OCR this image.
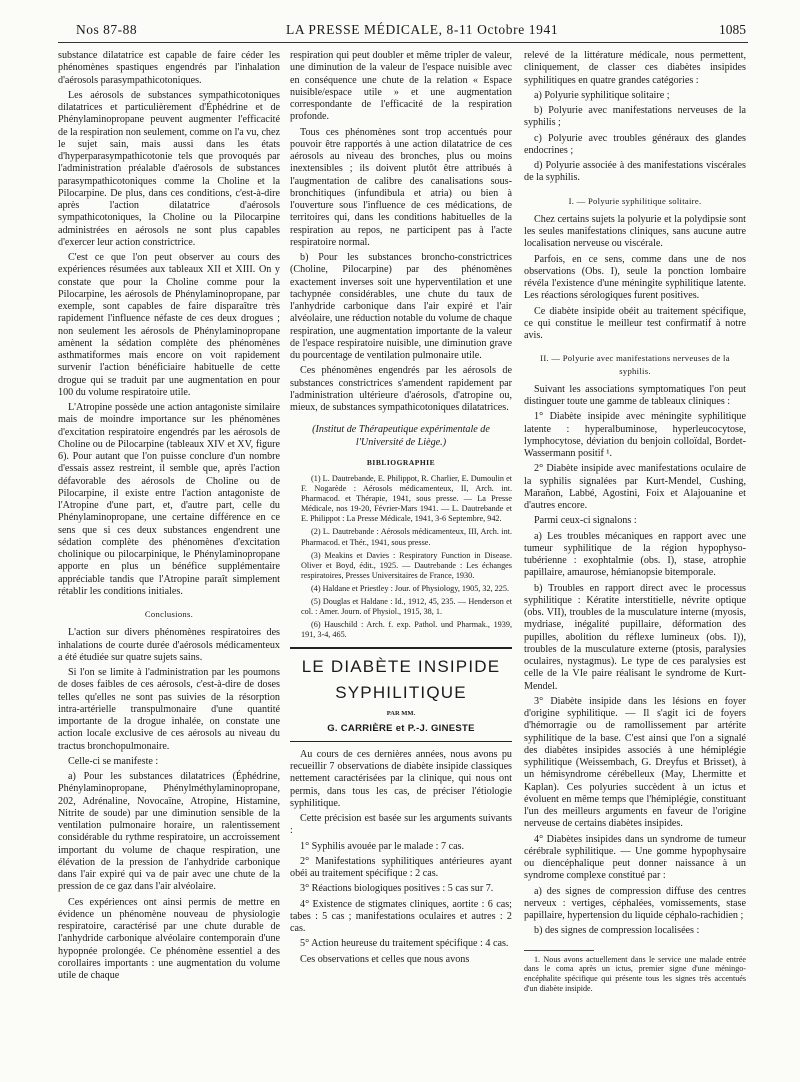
Nos 87-88	LA PRESSE MÉDICALE, 8-11 Octobre 1941	1085

substance dilatatrice est capable de faire céder les phénomènes spastiques engendrés par l'inhalation d'aérosols parasympathicotoniques.

Les aérosols de substances sympathicotoniques dilatatrices et particulièrement d'Éphédrine et de Phénylaminopropane peuvent augmenter l'efficacité de la respiration non seulement, comme on l'a vu, chez le sujet sain, mais aussi dans les états d'hyperparasympathicotonie tels que provoqués par l'administration préalable d'aérosols de substances parasympathicotoniques comme la Choline et la Pilocarpine. De plus, dans ces conditions, c'est-à-dire après l'action dilatatrice d'aérosols sympathicotoniques, la Choline ou la Pilocarpine administrées en aérosols ne sont plus capables d'exercer leur action constrictrice.

C'est ce que l'on peut observer au cours des expériences résumées aux tableaux XII et XIII. On y constate que pour la Choline comme pour la Pilocarpine, les aérosols de Phénylaminopropane, par exemple, sont capables de faire disparaître très rapidement l'influence néfaste de ces deux drogues ; non seulement les aérosols de Phénylaminopropane amènent la sédation complète des phénomènes asthmatiformes mais encore on voit rapidement survenir l'action bénéficiaire habituelle de cette drogue qui se traduit par une augmentation en pour 100 du volume respiratoire utile.

L'Atropine possède une action antagoniste similaire mais de moindre importance sur les phénomènes d'excitation respiratoire engendrés par les aérosols de Choline ou de Pilocarpine (tableaux XIV et XV, figure 6). Pour autant que l'on puisse conclure d'un nombre d'essais assez restreint, il semble que, après l'action défavorable des aérosols de Choline ou de Pilocarpine, il existe entre l'action antagoniste de l'Atropine d'une part, et, d'autre part, celle du Phénylaminopropane, une certaine différence en ce sens que si ces deux substances engendrent une sédation complète des phénomènes d'excitation cholinique ou pilocarpinique, le Phénylaminopropane apporte en plus un bénéfice supplémentaire appréciable tandis que l'Atropine paraît simplement rétablir les conditions initiales.

Conclusions.

L'action sur divers phénomènes respiratoires des inhalations de courte durée d'aérosols médicamenteux a été étudiée sur quatre sujets sains.

Si l'on se limite à l'administration par les poumons de doses faibles de ces aérosols, c'est-à-dire de doses telles qu'elles ne sont pas suivies de la résorption intra-artérielle transpulmonaire d'une quantité importante de la drogue inhalée, on constate une action locale exclusive de ces aérosols au niveau du tractus bronchopulmonaire.

Celle-ci se manifeste :

a) Pour les substances dilatatrices (Éphédrine, Phénylaminopropane, Phénylméthylaminopropane, 202, Adrénaline, Novocaïne, Atropine, Histamine, Nitrite de soude) par une diminution sensible de la ventilation pulmonaire horaire, un ralentissement considérable du rythme respiratoire, un accroissement important du volume de chaque respiration, une élévation de la pression de l'anhydride carbonique dans l'air expiré qui va de pair avec une chute de la pression de ce gaz dans l'air alvéolaire.

Ces expériences ont ainsi permis de mettre en évidence un phénomène nouveau de physiologie respiratoire, caractérisé par une chute durable de l'anhydride carbonique alvéolaire contemporain d'une hypopnée prolongée. Ce phénomène essentiel a des corollaires importants : une augmentation du volume utile de chaque

respiration qui peut doubler et même tripler de valeur, une diminution de la valeur de l'espace nuisible avec en conséquence une chute de la relation « Espace nuisible/espace utile » et une augmentation correspondante de l'efficacité de la respiration profonde.

Tous ces phénomènes sont trop accentués pour pouvoir être rapportés à une action dilatatrice de ces aérosols au niveau des bronches, plus ou moins inextensibles ; ils doivent plutôt être attribués à l'augmentation de calibre des canalisations sous-bronchitiques (infundibula et atria) ou bien à l'ouverture sous l'influence de ces médications, de territoires qui, dans les conditions habituelles de la respiration au repos, ne participent pas à l'acte respiratoire normal.

b) Pour les substances broncho-constrictrices (Choline, Pilocarpine) par des phénomènes exactement inverses soit une hyperventilation et une tachypnée considérables, une chute du taux de l'anhydride carbonique dans l'air expiré et l'air alvéolaire, une réduction notable du volume de chaque respiration, une augmentation importante de la valeur de l'espace respiratoire nuisible, une diminution grave du pourcentage de ventilation pulmonaire utile.

Ces phénomènes engendrés par les aérosols de substances constrictrices s'amendent rapidement par l'administration ultérieure d'aérosols, d'atropine ou, mieux, de substances sympathicotoniques dilatatrices.

(Institut de Thérapeutique expérimentale de l'Université de Liège.)
BIBLIOGRAPHIE

(1) L. Dautrebande, E. Philippot, R. Charlier, E. Dumoulin et F. Nogarède : Aérosols médicamenteux, II, Arch. int. Pharmacod. et Thérapie, 1941, sous presse. — La Presse Médicale, nos 19-20, Février-Mars 1941. — L. Dautrebande et E. Philippot : La Presse Médicale, 1941, 3-6 Septembre, 942.

(2) L. Dautrebande : Aérosols médicamenteux, III, Arch. int. Pharmacod. et Thér., 1941, sous presse.

(3) Meakins et Davies : Respiratory Function in Disease. Oliver et Boyd, édit., 1925. — Dautrebande : Les échanges respiratoires, Presses Universitaires de France, 1930.

(4) Haldane et Priestley : Jour. of Physiology, 1905, 32, 225.

(5) Douglas et Haldane : Id., 1912, 45, 235. — Henderson et col. : Amer. Journ. of Physiol., 1915, 38, 1.

(6) Hauschild : Arch. f. exp. Pathol. und Pharmak., 1939, 191, 3-4, 465.

LE DIABÈTE INSIPIDE
SYPHILITIQUE
PAR MM.
G. CARRIÈRE et P.-J. GINESTE

Au cours de ces dernières années, nous avons pu recueillir 7 observations de diabète insipide classiques nettement caractérisées par la clinique, qui nous ont permis, dans tous les cas, de préciser l'étiologie syphilitique.

Cette précision est basée sur les arguments suivants :

1° Syphilis avouée par le malade : 7 cas.

2° Manifestations syphilitiques antérieures ayant obéi au traitement spécifique : 2 cas.

3° Réactions biologiques positives : 5 cas sur 7.

4° Existence de stigmates cliniques, aortite : 6 cas; tabes : 5 cas ; manifestations oculaires et autres : 2 cas.

5° Action heureuse du traitement spécifique : 4 cas.

Ces observations et celles que nous avons

relevé de la littérature médicale, nous permettent, cliniquement, de classer ces diabètes insipides syphilitiques en quatre grandes catégories :

a) Polyurie syphilitique solitaire ;

b) Polyurie avec manifestations nerveuses de la syphilis ;

c) Polyurie avec troubles généraux des glandes endocrines ;

d) Polyurie associée à des manifestations viscérales de la syphilis.

I. — Polyurie syphilitique solitaire.

Chez certains sujets la polyurie et la polydipsie sont les seules manifestations cliniques, sans aucune autre localisation nerveuse ou viscérale.

Parfois, en ce sens, comme dans une de nos observations (Obs. I), seule la ponction lombaire révéla l'existence d'une méningite syphilitique latente. Les réactions sérologiques furent positives.

Ce diabète insipide obéit au traitement spécifique, ce qui constitue le meilleur test confirmatif à notre avis.

II. — Polyurie avec manifestations nerveuses de la syphilis.

Suivant les associations symptomatiques l'on peut distinguer toute une gamme de tableaux cliniques :

1° Diabète insipide avec méningite syphilitique latente : hyperalbuminose, hyperleucocytose, lymphocytose, déviation du benjoin colloïdal, Bordet-Wassermann positif ¹.

2° Diabète insipide avec manifestations oculaire de la syphilis signalées par Kurt-Mendel, Cushing, Marañon, Labbé, Agostini, Foix et Alajouanine et d'autres encore.

Parmi ceux-ci signalons :

a) Les troubles mécaniques en rapport avec une tumeur syphilitique de la région hypophyso-tubérienne : exophtalmie (obs. I), stase, atrophie papillaire, amaurose, hémianopsie bitemporale.

b) Troubles en rapport direct avec le processus syphilitique : Kératite interstitielle, névrite optique (obs. VII), troubles de la musculature interne (myosis, mydriase, inégalité pupillaire, déformation des pupilles, abolition du réflexe lumineux (obs. I)), troubles de la musculature externe (ptosis, paralysies oculaires, nystagmus). Le type de ces paralysies est celle de la VIe paire réalisant le syndrome de Kurt-Mendel.

3° Diabète insipide dans les lésions en foyer d'origine syphilitique. — Il s'agit ici de foyers d'hémorragie ou de ramollissement par artérite syphilitique de la base. C'est ainsi que l'on a signalé des diabètes insipides associés à une hémiplégie syphilitique (Weissembach, G. Dreyfus et Brisset), à un hémisyndrome cérébelleux (May, Lhermitte et Kaplan). Ces polyuries succèdent à un ictus et évoluent en même temps que l'hémiplégie, constituant l'un des meilleurs arguments en faveur de l'origine nerveuse de certains diabètes insipides.

4° Diabètes insipides dans un syndrome de tumeur cérébrale syphilitique. — Une gomme hypophysaire ou diencéphalique peut donner naissance à un syndrome complexe constitué par :

a) des signes de compression diffuse des centres nerveux : vertiges, céphalées, vomissements, stase papillaire, hypertension du liquide céphalo-rachidien ;

b) des signes de compression localisées :

1. Nous avons actuellement dans le service une malade entrée dans le coma après un ictus, premier signe d'une méningo-encéphalite spécifique qui présente tous les signes très accentués d'un diabète insipide.
